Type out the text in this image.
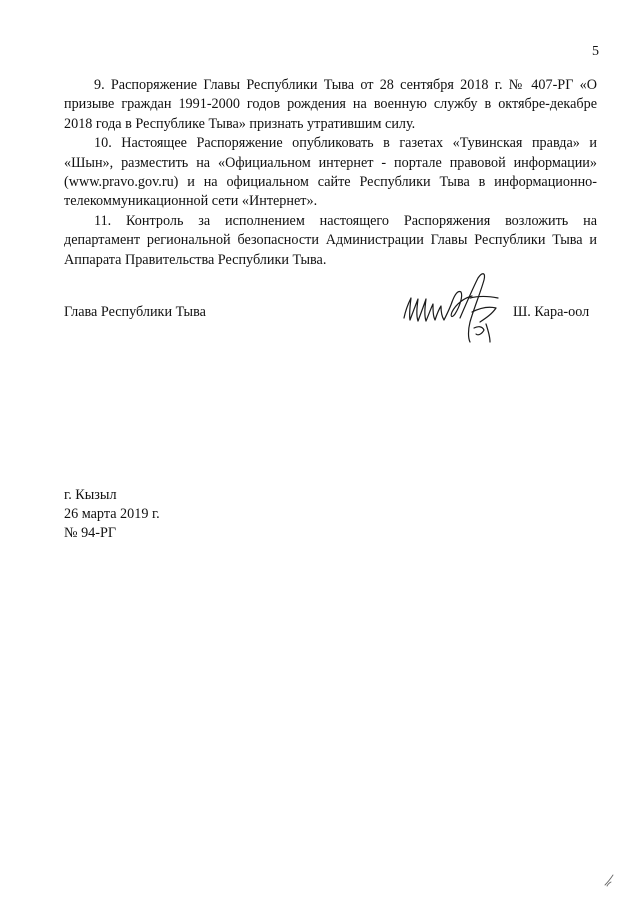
5

9. Распоряжение Главы Республики Тыва от 28 сентября 2018 г. № 407-РГ «О призыве граждан 1991-2000 годов рождения на военную службу в октябре-декабре 2018 года в Республике Тыва» признать утратившим силу.

10. Настоящее Распоряжение опубликовать в газетах «Тувинская правда» и «Шын», разместить на «Официальном интернет - портале правовой информации» (www.pravo.gov.ru) и на официальном сайте Республики Тыва в информационно-телекоммуникационной сети «Интернет».

11. Контроль за исполнением настоящего Распоряжения возложить на департамент региональной безопасности Администрации Главы Республики Тыва и Аппарата Правительства Республики Тыва.

Глава Республики Тыва	Ш. Кара-оол
г. Кызыл
26 марта 2019 г.
№ 94-РГ
